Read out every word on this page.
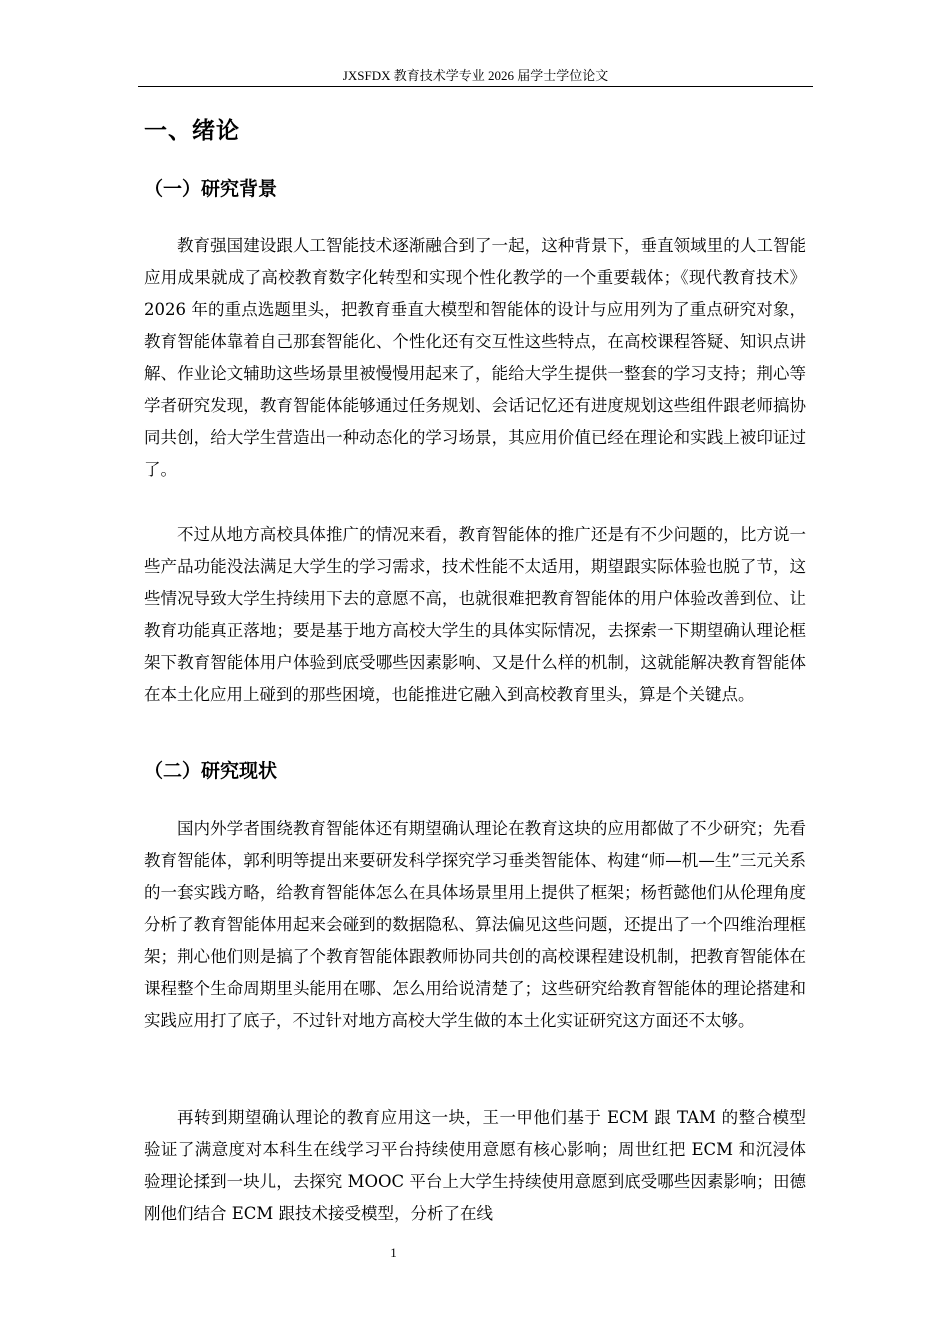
JXSFDX 教育技术学专业 2026 届学士学位论文
一、绪论
（一）研究背景

教育强国建设跟人工智能技术逐渐融合到了一起，这种背景下，垂直领域里的人工智能应用成果就成了高校教育数字化转型和实现个性化教学的一个重要载体；《现代教育技术》2026 年的重点选题里头，把教育垂直大模型和智能体的设计与应用列为了重点研究对象，教育智能体靠着自己那套智能化、个性化还有交互性这些特点，在高校课程答疑、知识点讲解、作业论文辅助这些场景里被慢慢用起来了，能给大学生提供一整套的学习支持；荆心等学者研究发现，教育智能体能够通过任务规划、会话记忆还有进度规划这些组件跟老师搞协同共创，给大学生营造出一种动态化的学习场景，其应用价值已经在理论和实践上被印证过了。

不过从地方高校具体推广的情况来看，教育智能体的推广还是有不少问题的，比方说一些产品功能没法满足大学生的学习需求，技术性能不太适用，期望跟实际体验也脱了节，这些情况导致大学生持续用下去的意愿不高，也就很难把教育智能体的用户体验改善到位、让教育功能真正落地；要是基于地方高校大学生的具体实际情况，去探索一下期望确认理论框架下教育智能体用户体验到底受哪些因素影响、又是什么样的机制，这就能解决教育智能体在本土化应用上碰到的那些困境，也能推进它融入到高校教育里头，算是个关键点。

（二）研究现状

国内外学者围绕教育智能体还有期望确认理论在教育这块的应用都做了不少研究；先看教育智能体，郭利明等提出来要研发科学探究学习垂类智能体、构建“师—机—生”三元关系的一套实践方略，给教育智能体怎么在具体场景里用上提供了框架；杨哲懿他们从伦理角度分析了教育智能体用起来会碰到的数据隐私、算法偏见这些问题，还提出了一个四维治理框架；荆心他们则是搞了个教育智能体跟教师协同共创的高校课程建设机制，把教育智能体在课程整个生命周期里头能用在哪、怎么用给说清楚了；这些研究给教育智能体的理论搭建和实践应用打了底子，不过针对地方高校大学生做的本土化实证研究这方面还不太够。

再转到期望确认理论的教育应用这一块，王一甲他们基于 ECM 跟 TAM 的整合模型验证了满意度对本科生在线学习平台持续使用意愿有核心影响；周世红把 ECM 和沉浸体验理论揉到一块儿，去探究 MOOC 平台上大学生持续使用意愿到底受哪些因素影响；田德刚他们结合 ECM 跟技术接受模型，分析了在线

1
